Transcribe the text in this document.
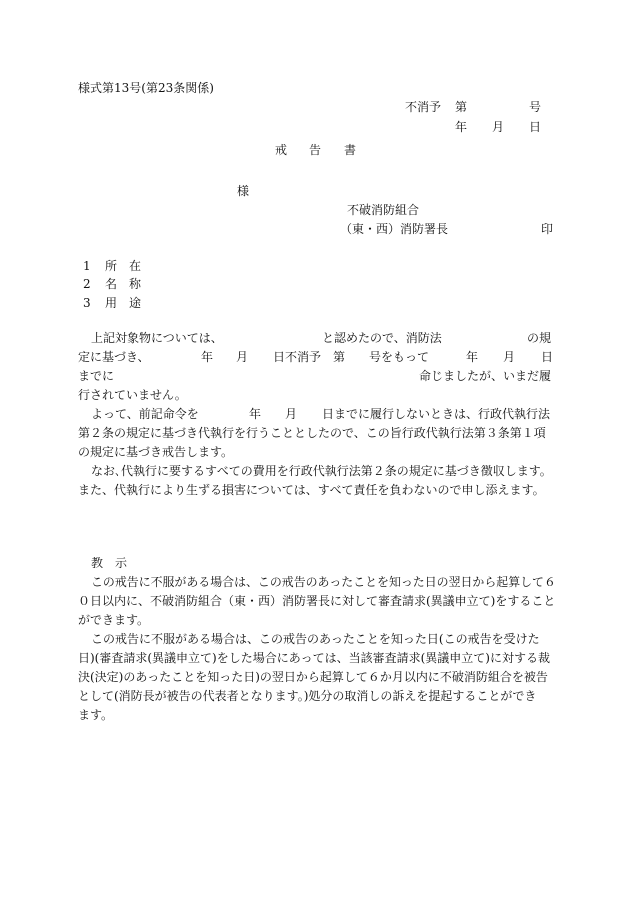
様式第13号(第23条関係)
不消予 第	号
年 月 日
戒 告 書
様
不破消防組合
（東・西）消防署長	印
1 所 在
2 名 称
3 用 途
上記対象物については、	と認めたので、消防法	の規
定に基づき、	年 月 日不消予　第 号をもって	年 月 日
までに	命じましたが、いまだ履
行されていません。
よって、前記命令を	年 月 日までに履行しないときは、行政代執行法
第２条の規定に基づき代執行を行うこととしたので、この旨行政代執行法第３条第１項
の規定に基づき戒告します。
なお､代執行に要するすべての費用を行政代執行法第２条の規定に基づき徴収します。
また、代執行により生ずる損害については、すべて責任を負わないので申し添えます。
教　示
この戒告に不服がある場合は、この戒告のあったことを知った日の翌日から起算して６
０日以内に、不破消防組合（東・西）消防署長に対して審査請求(異議申立て)をすること
ができます。
この戒告に不服がある場合は、この戒告のあったことを知った日(この戒告を受けた
日)(審査請求(異議申立て)をした場合にあっては、当該審査請求(異議申立て)に対する裁
決(決定)のあったことを知った日)の翌日から起算して６か月以内に不破消防組合を被告
として(消防長が被告の代表者となります。)処分の取消しの訴えを提起することができ
ます。
